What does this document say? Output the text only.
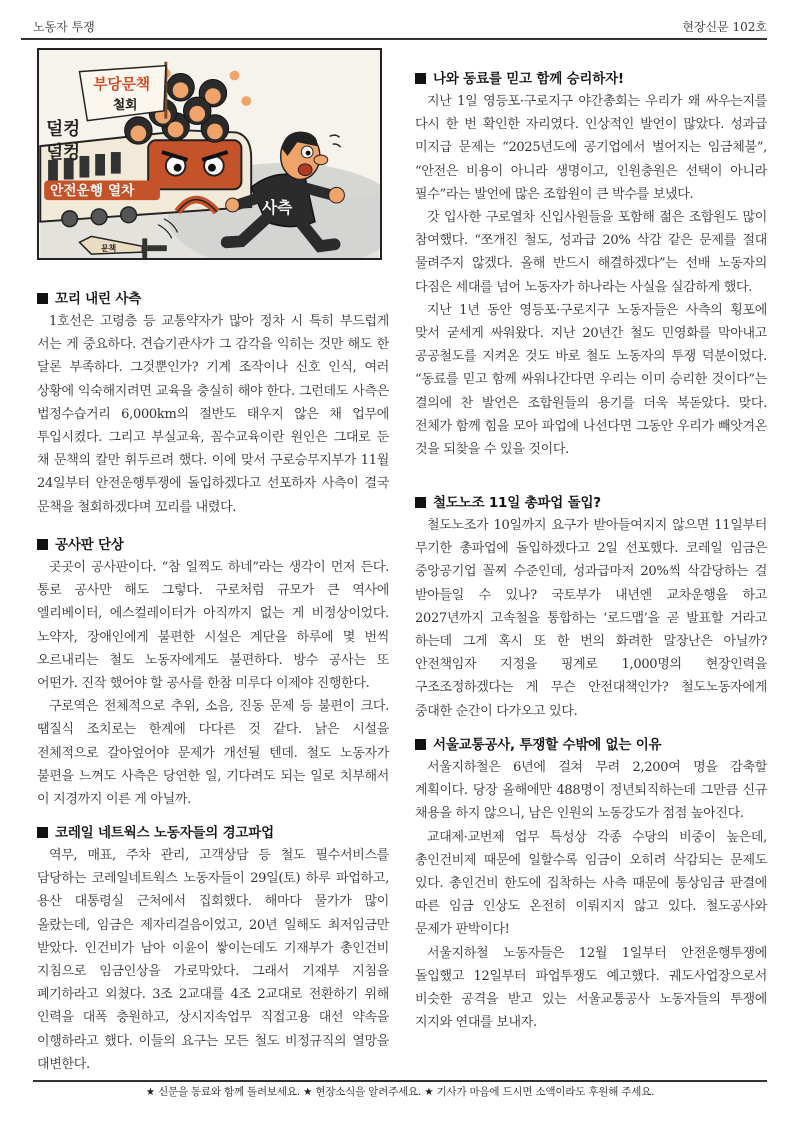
노동자 투쟁	현장신문 102호
안전운행 열차
부당문책
철회
덜컹
덜컹
사측
문책
꼬리 내린 사측

1호선은 고령층 등 교통약자가 많아 정차 시 특히 부드럽게 서는 게 중요하다. 견습기관사가 그 감각을 익히는 것만 해도 한 달론 부족하다. 그것뿐인가? 기계 조작이나 신호 인식, 여러 상황에 익숙해지려면 교육을 충실히 해야 한다. 그런데도 사측은 법정수습거리 6,000km의 절반도 태우지 않은 채 업무에 투입시켰다. 그리고 부실교육, 꼼수교육이란 원인은 그대로 둔 채 문책의 칼만 휘두르려 했다. 이에 맞서 구로승무지부가 11월 24일부터 안전운행투쟁에 돌입하겠다고 선포하자 사측이 결국 문책을 철회하겠다며 꼬리를 내렸다.

공사판 단상

곳곳이 공사판이다. “참 일찍도 하네”라는 생각이 먼저 든다. 통로 공사만 해도 그렇다. 구로처럼 규모가 큰 역사에 엘리베이터, 에스컬레이터가 아직까지 없는 게 비정상이었다. 노약자, 장애인에게 불편한 시설은 계단을 하루에 몇 번씩 오르내리는 철도 노동자에게도 불편하다. 방수 공사는 또 어떤가. 진작 했어야 할 공사를 한참 미루다 이제야 진행한다.

구로역은 전체적으로 추위, 소음, 진동 문제 등 불편이 크다. 땜질식 조치로는 한계에 다다른 것 같다. 낡은 시설을 전체적으로 갈아엎어야 문제가 개선될 텐데. 철도 노동자가 불편을 느껴도 사측은 당연한 일, 기다려도 되는 일로 치부해서 이 지경까지 이른 게 아닐까.

코레일 네트웍스 노동자들의 경고파업

역무, 매표, 주차 관리, 고객상담 등 철도 필수서비스를 담당하는 코레일네트웍스 노동자들이 29일(토) 하루 파업하고, 용산 대통령실 근처에서 집회했다. 해마다 물가가 많이 올랐는데, 임금은 제자리걸음이었고, 20년 일해도 최저임금만 받았다. 인건비가 남아 이윤이 쌓이는데도 기재부가 총인건비 지침으로 임금인상을 가로막았다. 그래서 기재부 지침을 폐기하라고 외쳤다. 3조 2교대를 4조 2교대로 전환하기 위해 인력을 대폭 충원하고, 상시지속업무 직접고용 대선 약속을 이행하라고 했다. 이들의 요구는 모든 철도 비정규직의 열망을 대변한다.

나와 동료를 믿고 함께 승리하자!

지난 1일 영등포·구로지구 야간총회는 우리가 왜 싸우는지를 다시 한 번 확인한 자리였다. 인상적인 발언이 많았다. 성과급 미지급 문제는 “2025년도에 공기업에서 벌어지는 임금체불”, “안전은 비용이 아니라 생명이고, 인원충원은 선택이 아니라 필수”라는 발언에 많은 조합원이 큰 박수를 보냈다.

갓 입사한 구로열차 신입사원들을 포함해 젊은 조합원도 많이 참여했다. “쪼개진 철도, 성과급 20% 삭감 같은 문제를 절대 물려주지 않겠다. 올해 반드시 해결하겠다”는 선배 노동자의 다짐은 세대를 넘어 노동자가 하나라는 사실을 실감하게 했다.

지난 1년 동안 영등포·구로지구 노동자들은 사측의 횡포에 맞서 굳세게 싸워왔다. 지난 20년간 철도 민영화를 막아내고 공공철도를 지켜온 것도 바로 철도 노동자의 투쟁 덕분이었다. “동료를 믿고 함께 싸워나간다면 우리는 이미 승리한 것이다”는 결의에 찬 발언은 조합원들의 용기를 더욱 북돋았다. 맞다. 전체가 함께 힘을 모아 파업에 나선다면 그동안 우리가 빼앗겨온 것을 되찾을 수 있을 것이다.

철도노조 11일 총파업 돌입?

철도노조가 10일까지 요구가 받아들여지지 않으면 11일부터 무기한 총파업에 돌입하겠다고 2일 선포했다. 코레일 임금은 중앙공기업 꼴찌 수준인데, 성과급마저 20%씩 삭감당하는 걸 받아들일 수 있나? 국토부가 내년엔 교차운행을 하고 2027년까지 고속철을 통합하는 ‘로드맵’을 곧 발표할 거라고 하는데 그게 혹시 또 한 번의 화려한 말장난은 아닐까? 안전책임자 지정을 핑계로 1,000명의 현장인력을 구조조정하겠다는 게 무슨 안전대책인가? 철도노동자에게 중대한 순간이 다가오고 있다.

서울교통공사, 투쟁할 수밖에 없는 이유

서울지하철은 6년에 걸쳐 무려 2,200여 명을 감축할 계획이다. 당장 올해에만 488명이 정년퇴직하는데 그만큼 신규 채용을 하지 않으니, 남은 인원의 노동강도가 점점 높아진다.

교대제·교번제 업무 특성상 각종 수당의 비중이 높은데, 총인건비제 때문에 일할수록 임금이 오히려 삭감되는 문제도 있다. 총인건비 한도에 집착하는 사측 때문에 통상임금 판결에 따른 임금 인상도 온전히 이뤄지지 않고 있다. 철도공사와 문제가 판박이다!

서울지하철 노동자들은 12월 1일부터 안전운행투쟁에 돌입했고 12일부터 파업투쟁도 예고했다. 궤도사업장으로서 비슷한 공격을 받고 있는 서울교통공사 노동자들의 투쟁에 지지와 연대를 보내자.

★ 신문을 동료와 함께 돌려보세요. ★ 현장소식을 알려주세요. ★ 기사가 마음에 드시면 소액이라도 후원해 주세요.
